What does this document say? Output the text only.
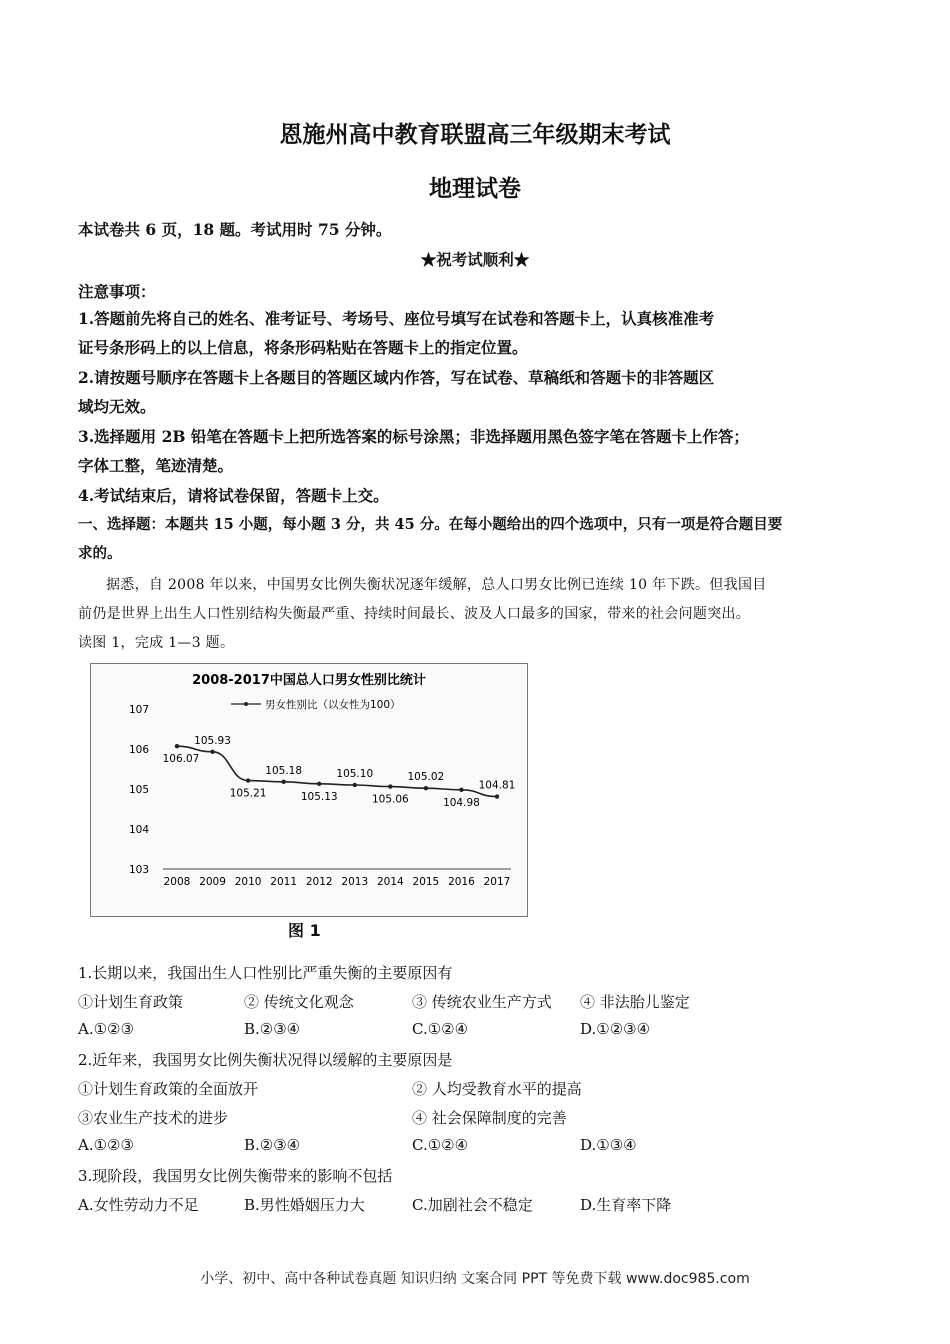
恩施州高中教育联盟高三年级期末考试
地理试卷
本试卷共 6 页，18 题。考试用时 75 分钟。
★祝考试顺利★
注意事项：
1.答题前先将自己的姓名、准考证号、考场号、座位号填写在试卷和答题卡上，认真核准准考
证号条形码上的以上信息，将条形码粘贴在答题卡上的指定位置。
2.请按题号顺序在答题卡上各题目的答题区域内作答，写在试卷、草稿纸和答题卡的非答题区
域均无效。
3.选择题用 2B 铅笔在答题卡上把所选答案的标号涂黑；非选择题用黑色签字笔在答题卡上作答；
字体工整，笔迹清楚。
4.考试结束后，请将试卷保留，答题卡上交。
一、选择题：本题共 15 小题，每小题 3 分，共 45 分。在每小题给出的四个选项中，只有一项是符合题目要
求的。
据悉，自 2008 年以来，中国男女比例失衡状况逐年缓解，总人口男女比例已连续 10 年下跌。但我国目
前仍是世界上出生人口性别结构失衡最严重、持续时间最长、波及人口最多的国家，带来的社会问题突出。
读图 1，完成 1—3 题。
2008-2017中国总人口男女性别比统计
男女性别比（以女性为100）
107
106
105
104
103
2008 2009 2010 2011 2012 2013 2014 2015 2016 2017
106.07
105.93
105.21
105.18
105.13
105.10
105.06
105.02
104.98
104.81
图 1
1.长期以来，我国出生人口性别比严重失衡的主要原因有
①计划生育政策	② 传统文化观念	③ 传统农业生产方式 ④ 非法胎儿鉴定
A.①②③	B.②③④	C.①②④	D.①②③④
2.近年来，我国男女比例失衡状况得以缓解的主要原因是
①计划生育政策的全面放开	② 人均受教育水平的提高
③农业生产技术的进步	④ 社会保障制度的完善
A.①②③	B.②③④	C.①②④	D.①③④
3.现阶段，我国男女比例失衡带来的影响不包括
A.女性劳动力不足	B.男性婚姻压力大	C.加剧社会不稳定	D.生育率下降
小学、初中、高中各种试卷真题 知识归纳 文案合同 PPT 等免费下载 www.doc985.com
